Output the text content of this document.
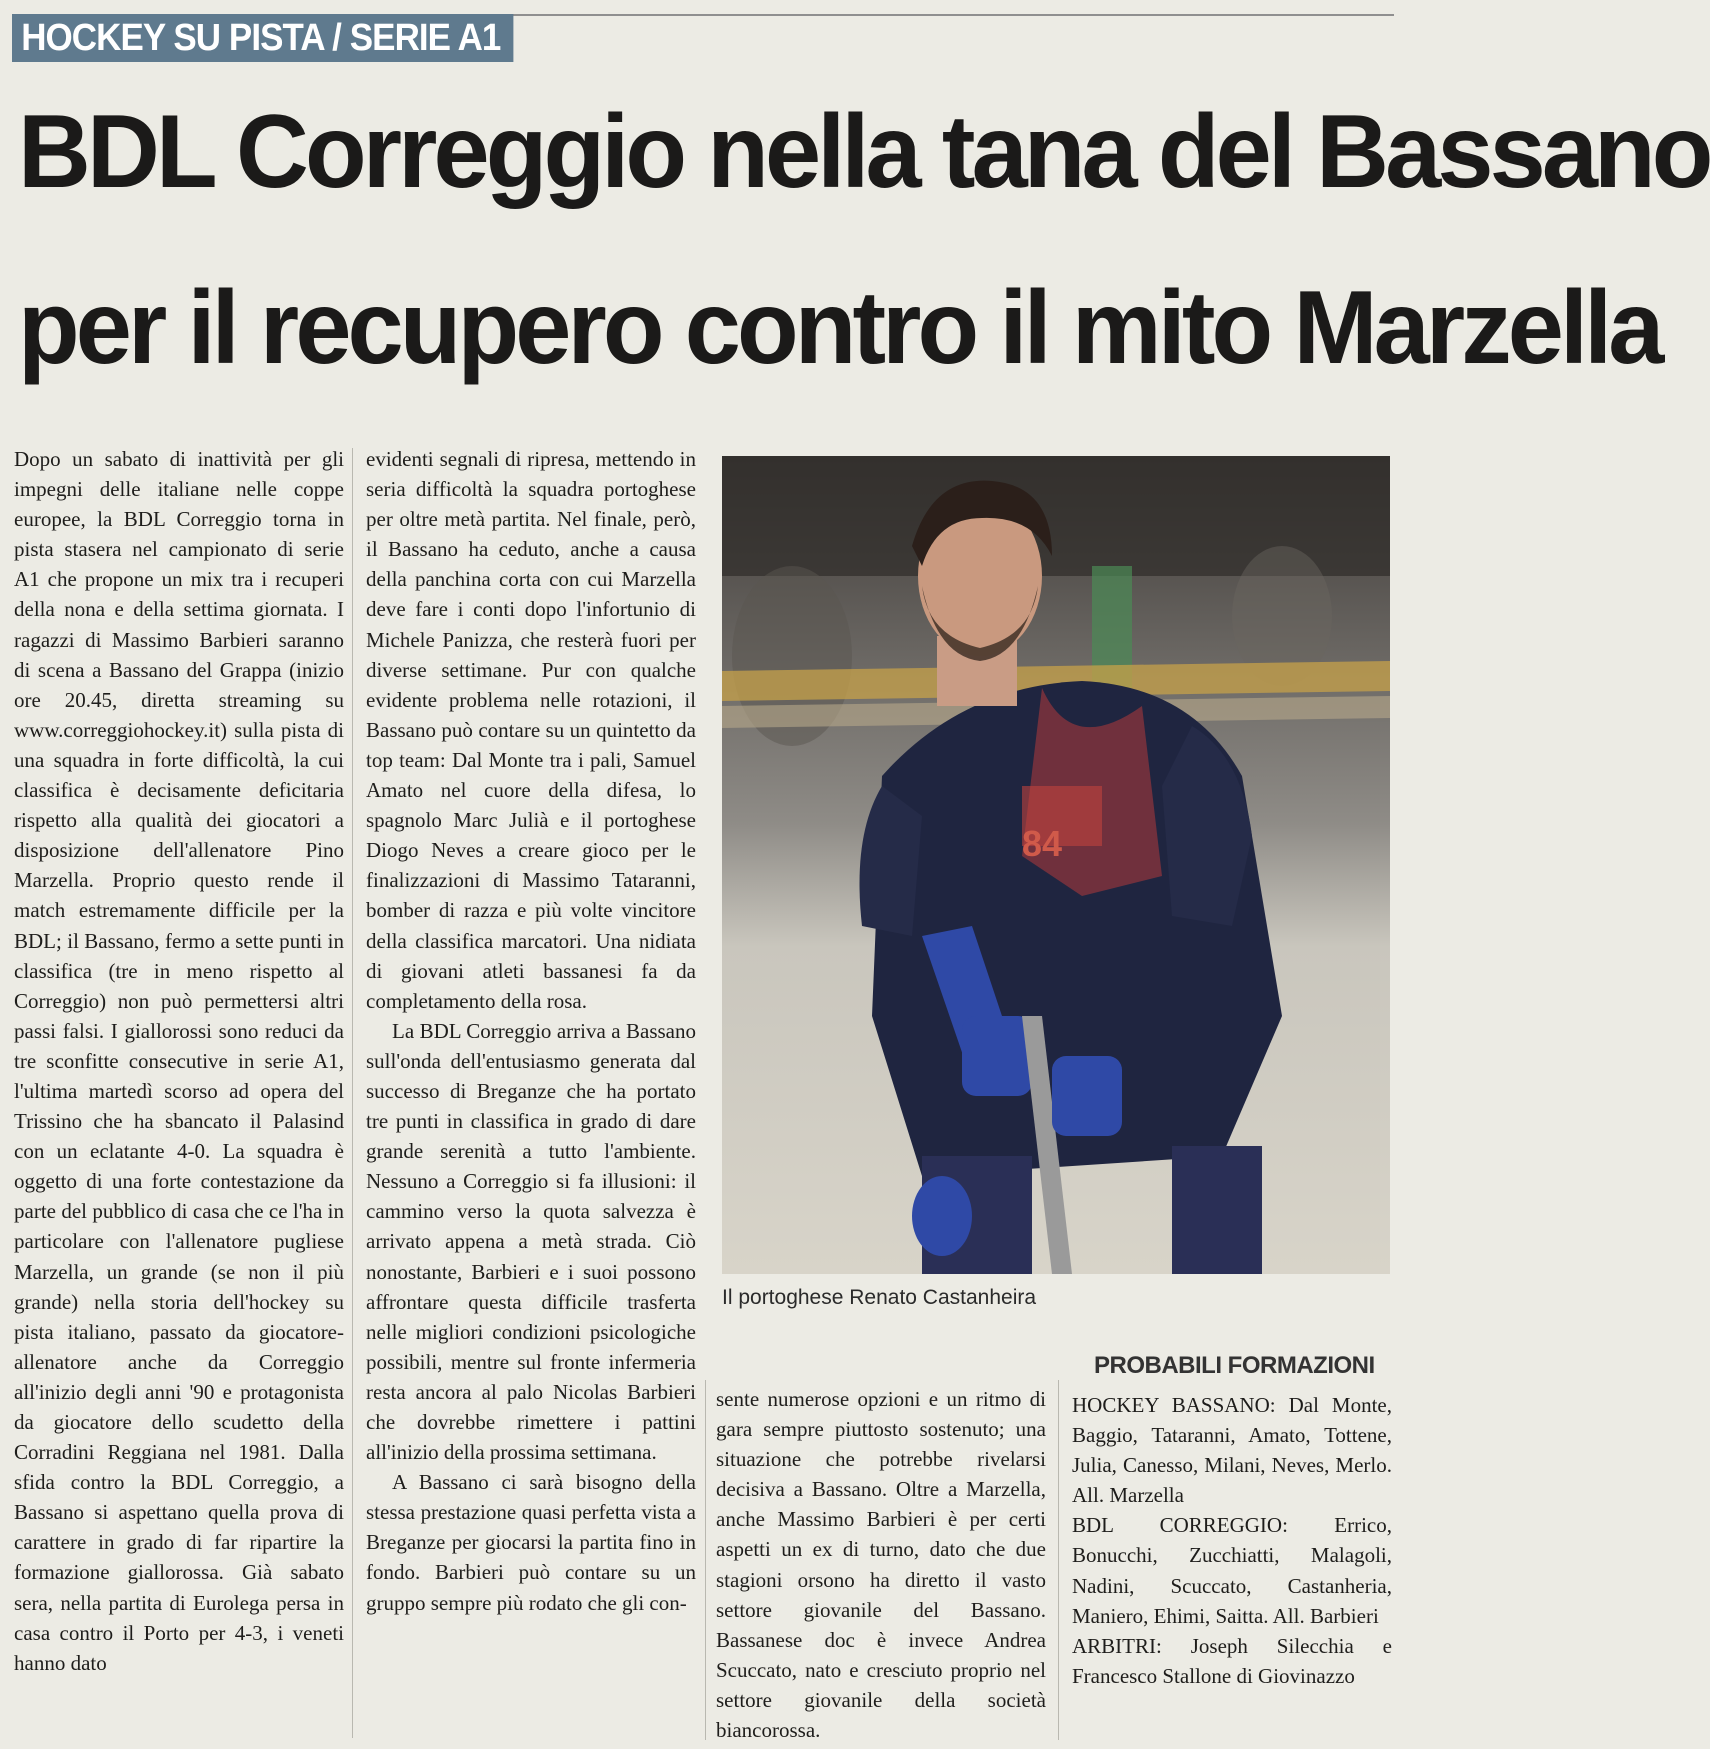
HOCKEY SU PISTA / SERIE A1
BDL Correggio nella tana del Bassano
per il recupero contro il mito Marzella

Dopo un sabato di inattività per gli impegni delle italiane nelle coppe europee, la BDL Correggio torna in pista stasera nel campionato di serie A1 che propone un mix tra i recuperi della nona e della settima giornata. I ragazzi di Massimo Barbieri saranno di scena a Bassano del Grappa (inizio ore 20.45, diretta streaming su www.correggiohockey.it) sulla pista di una squadra in forte difficoltà, la cui classifica è decisamente deficitaria rispetto alla qualità dei giocatori a disposizione dell'allenatore Pino Marzella. Proprio questo rende il match estremamente difficile per la BDL; il Bassano, fermo a sette punti in classifica (tre in meno rispetto al Correggio) non può permettersi altri passi falsi. I giallorossi sono reduci da tre sconfitte consecutive in serie A1, l'ultima martedì scorso ad opera del Trissino che ha sbancato il Palasind con un eclatante 4-0. La squadra è oggetto di una forte contestazione da parte del pubblico di casa che ce l'ha in particolare con l'allenatore pugliese Marzella, un grande (se non il più grande) nella storia dell'hockey su pista italiano, passato da giocatore-allenatore anche da Correggio all'inizio degli anni '90 e protagonista da giocatore dello scudetto della Corradini Reggiana nel 1981. Dalla sfida contro la BDL Correggio, a Bassano si aspettano quella prova di carattere in grado di far ripartire la formazione giallorossa. Già sabato sera, nella partita di Eurolega persa in casa contro il Porto per 4-3, i veneti hanno dato

evidenti segnali di ripresa, mettendo in seria difficoltà la squadra portoghese per oltre metà partita. Nel finale, però, il Bassano ha ceduto, anche a causa della panchina corta con cui Marzella deve fare i conti dopo l'infortunio di Michele Panizza, che resterà fuori per diverse settimane. Pur con qualche evidente problema nelle rotazioni, il Bassano può contare su un quintetto da top team: Dal Monte tra i pali, Samuel Amato nel cuore della difesa, lo spagnolo Marc Julià e il portoghese Diogo Neves a creare gioco per le finalizzazioni di Massimo Tataranni, bomber di razza e più volte vincitore della classifica marcatori. Una nidiata di giovani atleti bassanesi fa da completamento della rosa.

La BDL Correggio arriva a Bassano sull'onda dell'entusiasmo generata dal successo di Breganze che ha portato tre punti in classifica in grado di dare grande serenità a tutto l'ambiente. Nessuno a Correggio si fa illusioni: il cammino verso la quota salvezza è arrivato appena a metà strada. Ciò nonostante, Barbieri e i suoi possono affrontare questa difficile trasferta nelle migliori condizioni psicologiche possibili, mentre sul fronte infermeria resta ancora al palo Nicolas Barbieri che dovrebbe rimettere i pattini all'inizio della prossima settimana.

A Bassano ci sarà bisogno della stessa prestazione quasi perfetta vista a Breganze per giocarsi la partita fino in fondo. Barbieri può contare su un gruppo sempre più rodato che gli con-

84
Il portoghese Renato Castanheira

sente numerose opzioni e un ritmo di gara sempre piuttosto sostenuto; una situazione che potrebbe rivelarsi decisiva a Bassano. Oltre a Marzella, anche Massimo Barbieri è per certi aspetti un ex di turno, dato che due stagioni orsono ha diretto il vasto settore giovanile del Bassano. Bassanese doc è invece Andrea Scuccato, nato e cresciuto proprio nel settore giovanile della società biancorossa.

PROBABILI FORMAZIONI

HOCKEY BASSANO: Dal Monte, Baggio, Tataranni, Amato, Tottene, Julia, Canesso, Milani, Neves, Merlo. All. Marzella

BDL CORREGGIO: Errico, Bonucchi, Zucchiatti, Malagoli, Nadini, Scuccato, Castanheria, Maniero, Ehimi, Saitta. All. Barbieri

ARBITRI: Joseph Silecchia e Francesco Stallone di Giovinazzo
